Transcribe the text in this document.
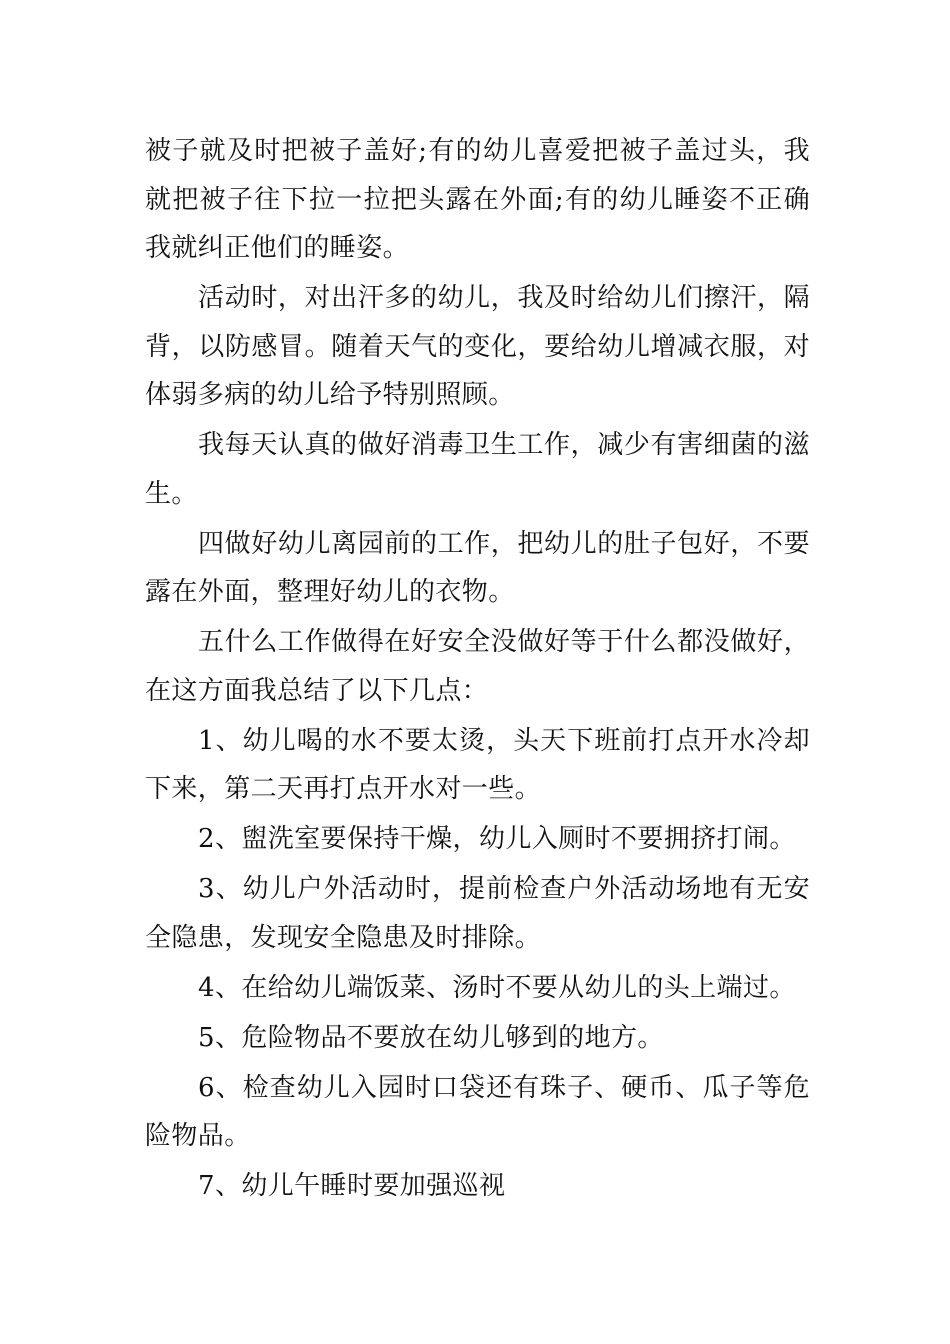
被子就及时把被子盖好;有的幼儿喜爱把被子盖过头，我就把被子往下拉一拉把头露在外面;有的幼儿睡姿不正确我就纠正他们的睡姿。

活动时，对出汗多的幼儿，我及时给幼儿们擦汗，隔背，以防感冒。随着天气的变化，要给幼儿增减衣服，对体弱多病的幼儿给予特别照顾。

我每天认真的做好消毒卫生工作，减少有害细菌的滋生。

四做好幼儿离园前的工作，把幼儿的肚子包好，不要露在外面，整理好幼儿的衣物。

五什么工作做得在好安全没做好等于什么都没做好，在这方面我总结了以下几点：

1、幼儿喝的水不要太烫，头天下班前打点开水冷却下来，第二天再打点开水对一些。

2、盥洗室要保持干燥，幼儿入厕时不要拥挤打闹。

3、幼儿户外活动时，提前检查户外活动场地有无安全隐患，发现安全隐患及时排除。

4、在给幼儿端饭菜、汤时不要从幼儿的头上端过。

5、危险物品不要放在幼儿够到的地方。

6、检查幼儿入园时口袋还有珠子、硬币、瓜子等危险物品。

7、幼儿午睡时要加强巡视
